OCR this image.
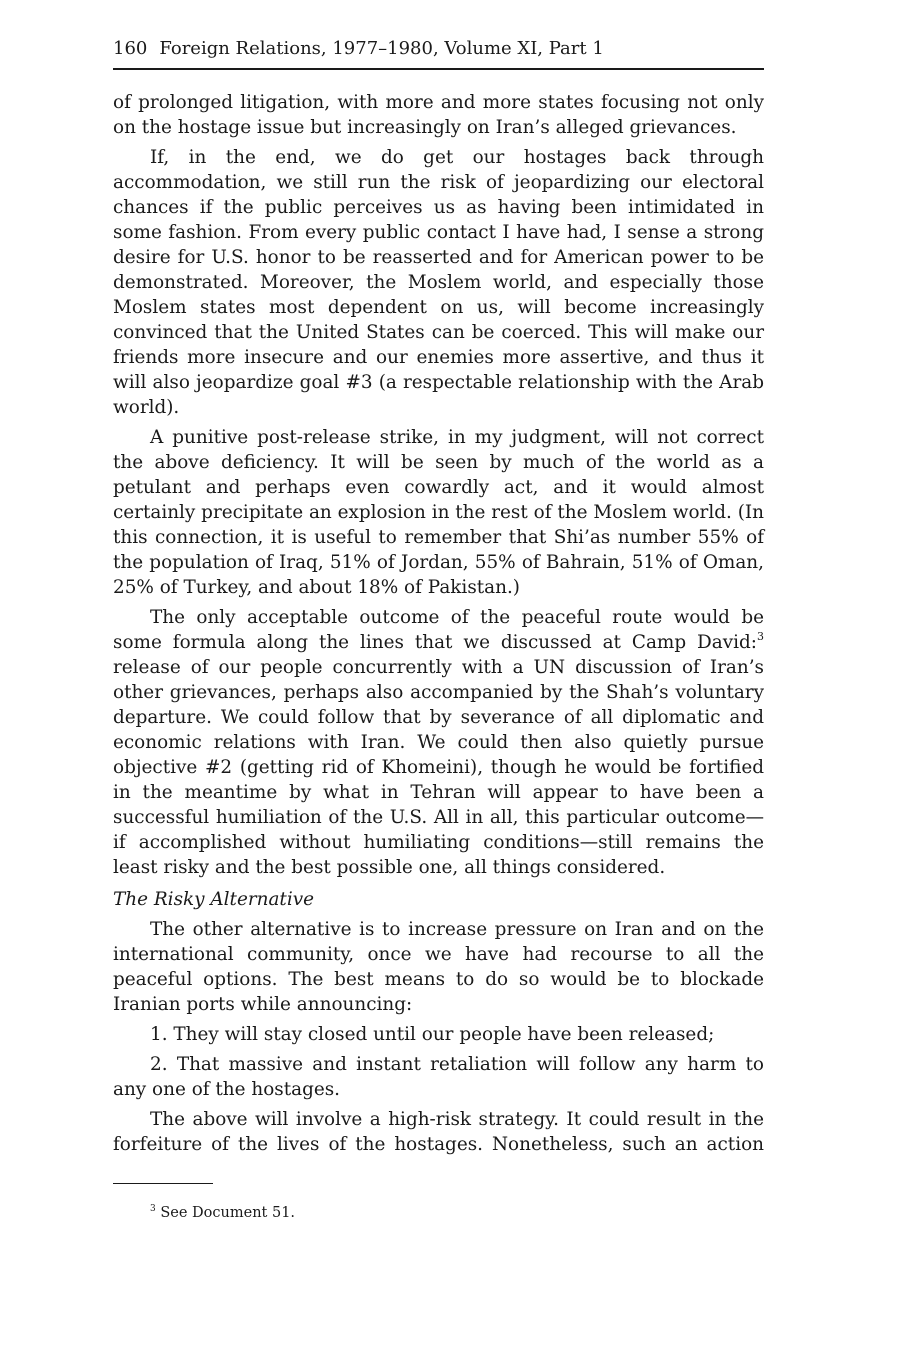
160 Foreign Relations, 1977–1980, Volume XI, Part 1

of prolonged litigation, with more and more states focusing not only on the hostage issue but increasingly on Iran’s alleged grievances.

If, in the end, we do get our hostages back through accommodation, we still run the risk of jeopardizing our electoral chances if the public perceives us as having been intimidated in some fashion. From every public contact I have had, I sense a strong desire for U.S. honor to be reasserted and for American power to be demonstrated. Moreover, the Moslem world, and especially those Moslem states most dependent on us, will become increasingly convinced that the United States can be coerced. This will make our friends more insecure and our enemies more assertive, and thus it will also jeopardize goal #3 (a respectable relationship with the Arab world).

A punitive post-release strike, in my judgment, will not correct the above deficiency. It will be seen by much of the world as a petulant and perhaps even cowardly act, and it would almost certainly precipitate an explosion in the rest of the Moslem world. (In this connection, it is useful to remember that Shi’as number 55% of the population of Iraq, 51% of Jordan, 55% of Bahrain, 51% of Oman, 25% of Turkey, and about 18% of Pakistan.)

The only acceptable outcome of the peaceful route would be some formula along the lines that we discussed at Camp David:$^3$ release of our people concurrently with a UN discussion of Iran’s other grievances, perhaps also accompanied by the Shah’s voluntary departure. We could follow that by severance of all diplomatic and economic relations with Iran. We could then also quietly pursue objective #2 (getting rid of Khomeini), though he would be fortified in the meantime by what in Tehran will appear to have been a successful humiliation of the U.S. All in all, this particular outcome—if accomplished without humiliating conditions—still remains the least risky and the best possible one, all things considered.

The Risky Alternative

The other alternative is to increase pressure on Iran and on the international community, once we have had recourse to all the peaceful options. The best means to do so would be to blockade Iranian ports while announcing:

1. They will stay closed until our people have been released;

2. That massive and instant retaliation will follow any harm to any one of the hostages.

The above will involve a high-risk strategy. It could result in the forfeiture of the lives of the hostages. Nonetheless, such an action

$^3$ See Document 51.
